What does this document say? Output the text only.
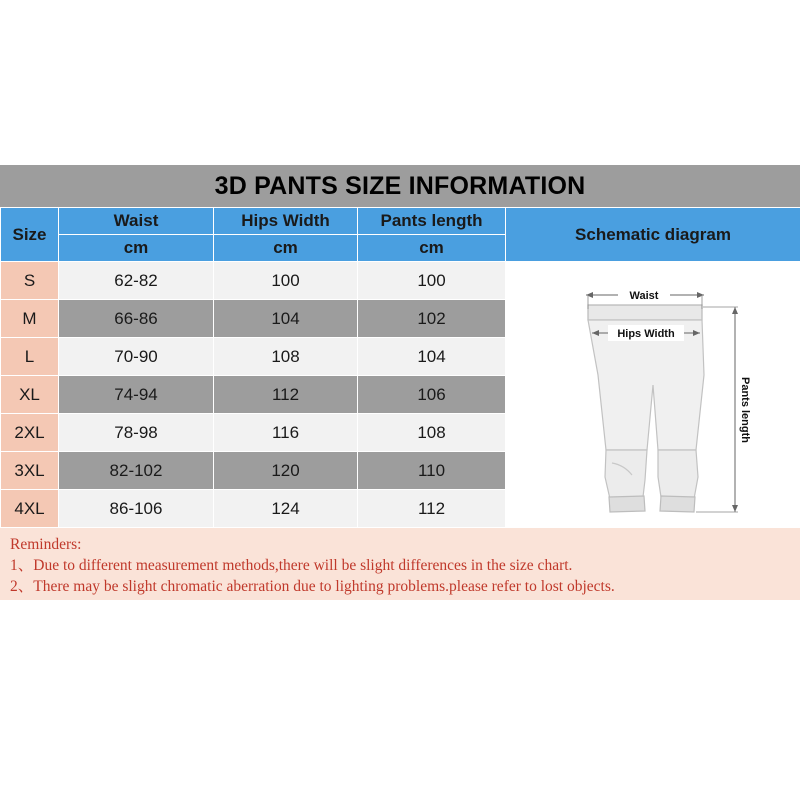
3D PANTS SIZE INFORMATION
Size	Waist	Hips Width	Pants length	Schematic diagram
	cm	cm	cm	
S	62-82	100	100	Waist
Hips Width
Pants length

M	66-86	104	102	
L	70-90	108	104	
XL	74-94	112	106	
2XL	78-98	116	108	
3XL	82-102	120	110	
4XL	86-106	124	112	
Reminders:
1、Due to different measurement methods,there will be slight differences in the size chart.
2、There may be slight chromatic aberration due to lighting problems.please refer to lost objects.
